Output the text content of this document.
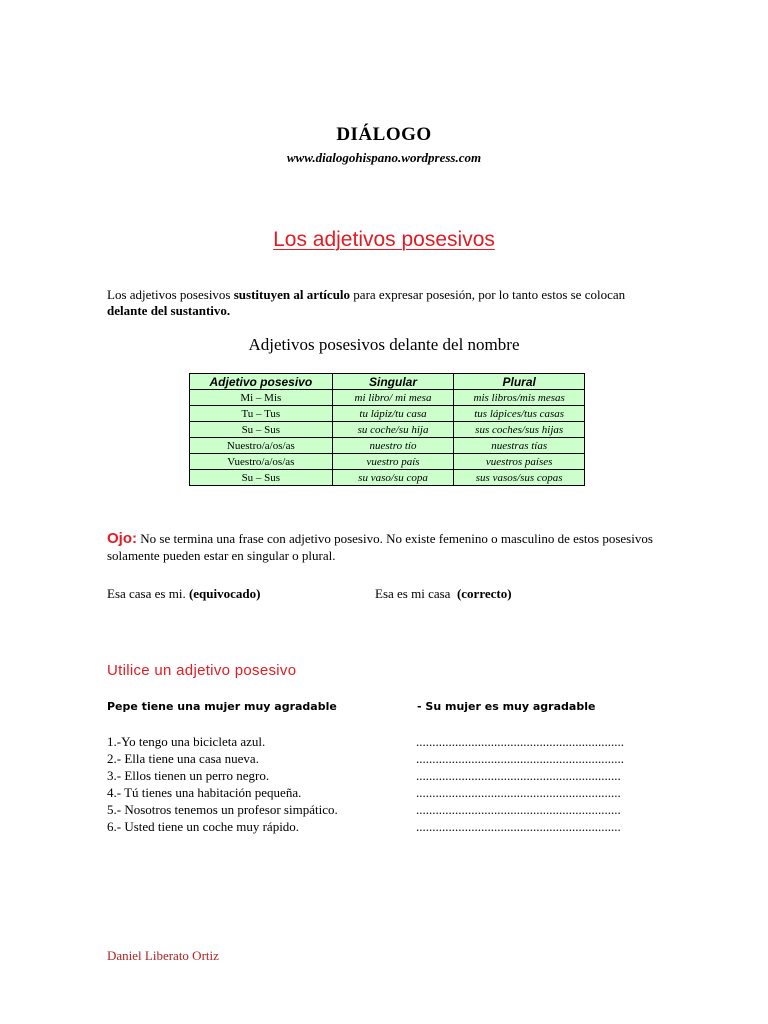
DIÁLOGO
www.dialogohispano.wordpress.com
Los adjetivos posesivos
Los adjetivos posesivos sustituyen al artículo para expresar posesión, por lo tanto estos se colocan delante del sustantivo.
Adjetivos posesivos delante del nombre
Adjetivo posesivo	Singular	Plural
Mi – Mis	mi libro/ mi mesa	mis libros/mis mesas
Tu – Tus	tu lápiz/tu casa	tus lápices/tus casas
Su – Sus	su coche/su hija	sus coches/sus hijas
Nuestro/a/os/as	nuestro tío	nuestras tías
Vuestro/a/os/as	vuestro país	vuestros países
Su – Sus	su vaso/su copa	sus vasos/sus copas
Ojo: No se termina una frase con adjetivo posesivo. No existe femenino o masculino de estos posesivos solamente pueden estar en singular o plural.
Esa casa es mi. (equivocado)	Esa es mi casa  (correcto)
Utilice un adjetivo posesivo
Pepe tiene una mujer muy agradable	- Su mujer es muy agradable
1.-Yo tengo una bicicleta azul.	................................................................
2.- Ella tiene una casa nueva.	................................................................
3.- Ellos tienen un perro negro.	...............................................................
4.- Tú tienes una habitación pequeña.	...............................................................
5.- Nosotros tenemos un profesor simpático.	...............................................................
6.- Usted tiene un coche muy rápido.	...............................................................
Daniel Liberato Ortiz
